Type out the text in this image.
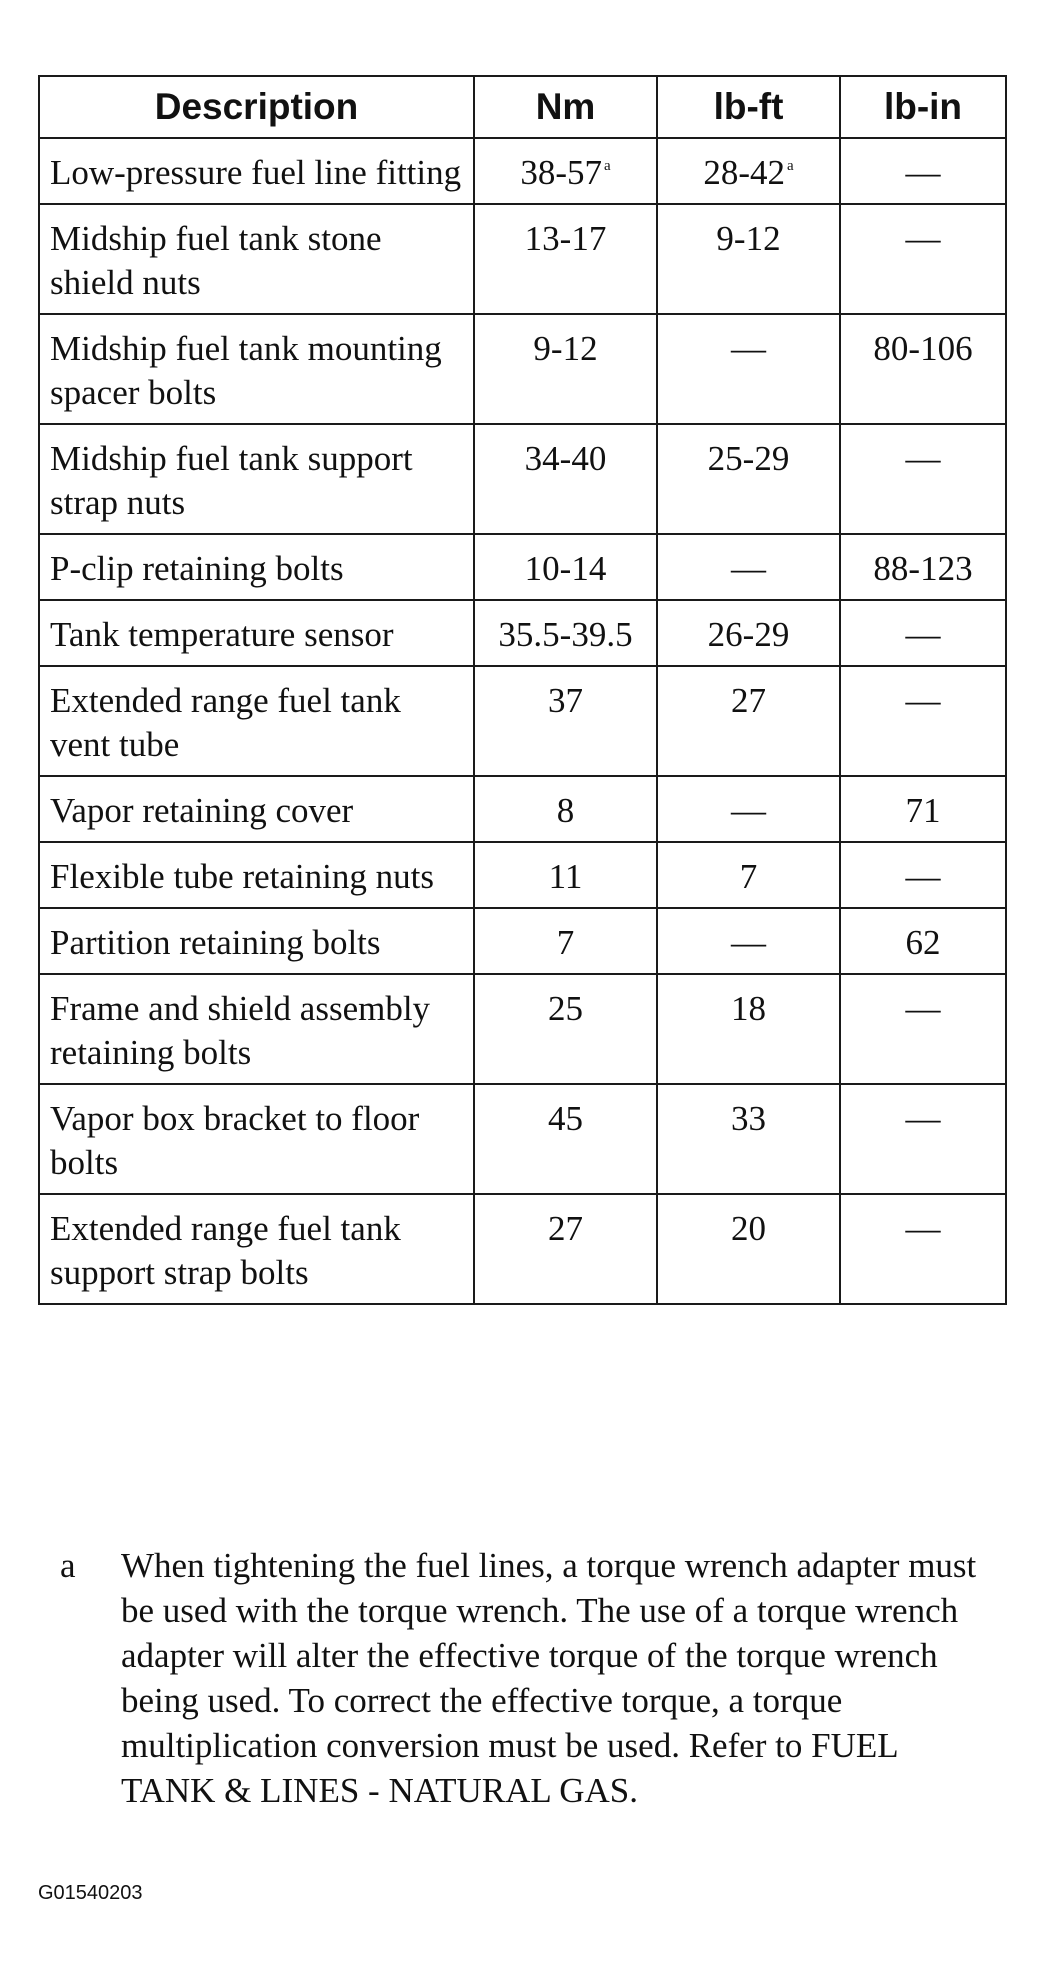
Description	Nm	lb-ft	lb-in
Low-pressure fuel line fitting	38-57 $^a$	28-42 $^a$	—
Midship fuel tank stone shield nuts	13-17	9-12	—
Midship fuel tank mounting spacer bolts	9-12	—	80-106
Midship fuel tank support strap nuts	34-40	25-29	—
P-clip retaining bolts	10-14	—	88-123
Tank temperature sensor	35.5-39.5	26-29	—
Extended range fuel tank vent tube	37	27	—
Vapor retaining cover	8	—	71
Flexible tube retaining nuts	11	7	—
Partition retaining bolts	7	—	62
Frame and shield assembly retaining bolts	25	18	—
Vapor box bracket to floor bolts	45	33	—
Extended range fuel tank support strap bolts	27	20	—
a When tightening the fuel lines, a torque wrench adapter must be used with the torque wrench. The use of a torque wrench adapter will alter the effective torque of the torque wrench being used. To correct the effective torque, a torque multiplication conversion must be used. Refer to FUEL TANK & LINES - NATURAL GAS.
G01540203
